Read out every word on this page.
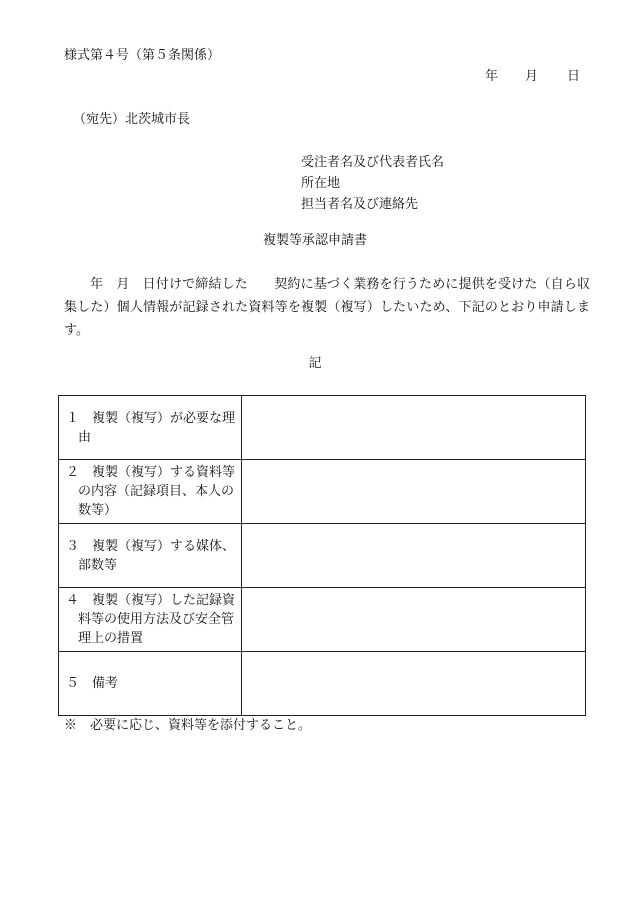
様式第４号（第５条関係）
年 月 日
（宛先）北茨城市長
受注者名及び代表者氏名
所在地
担当者名及び連絡先
複製等承認申請書
年　月　日付けで締結した　　契約に基づく業務を行うために提供を受けた（自ら収集した）個人情報が記録された資料等を複製（複写）したいため、下記のとおり申請します。
記
１　複製（複写）が必要な理由	

２　複製（複写）する資料等の内容（記録項目、本人の数等）	

３　複製（複写）する媒体、部数等	

４　複製（複写）した記録資料等の使用方法及び安全管理上の措置	

５　備考	

※　必要に応じ、資料等を添付すること。
